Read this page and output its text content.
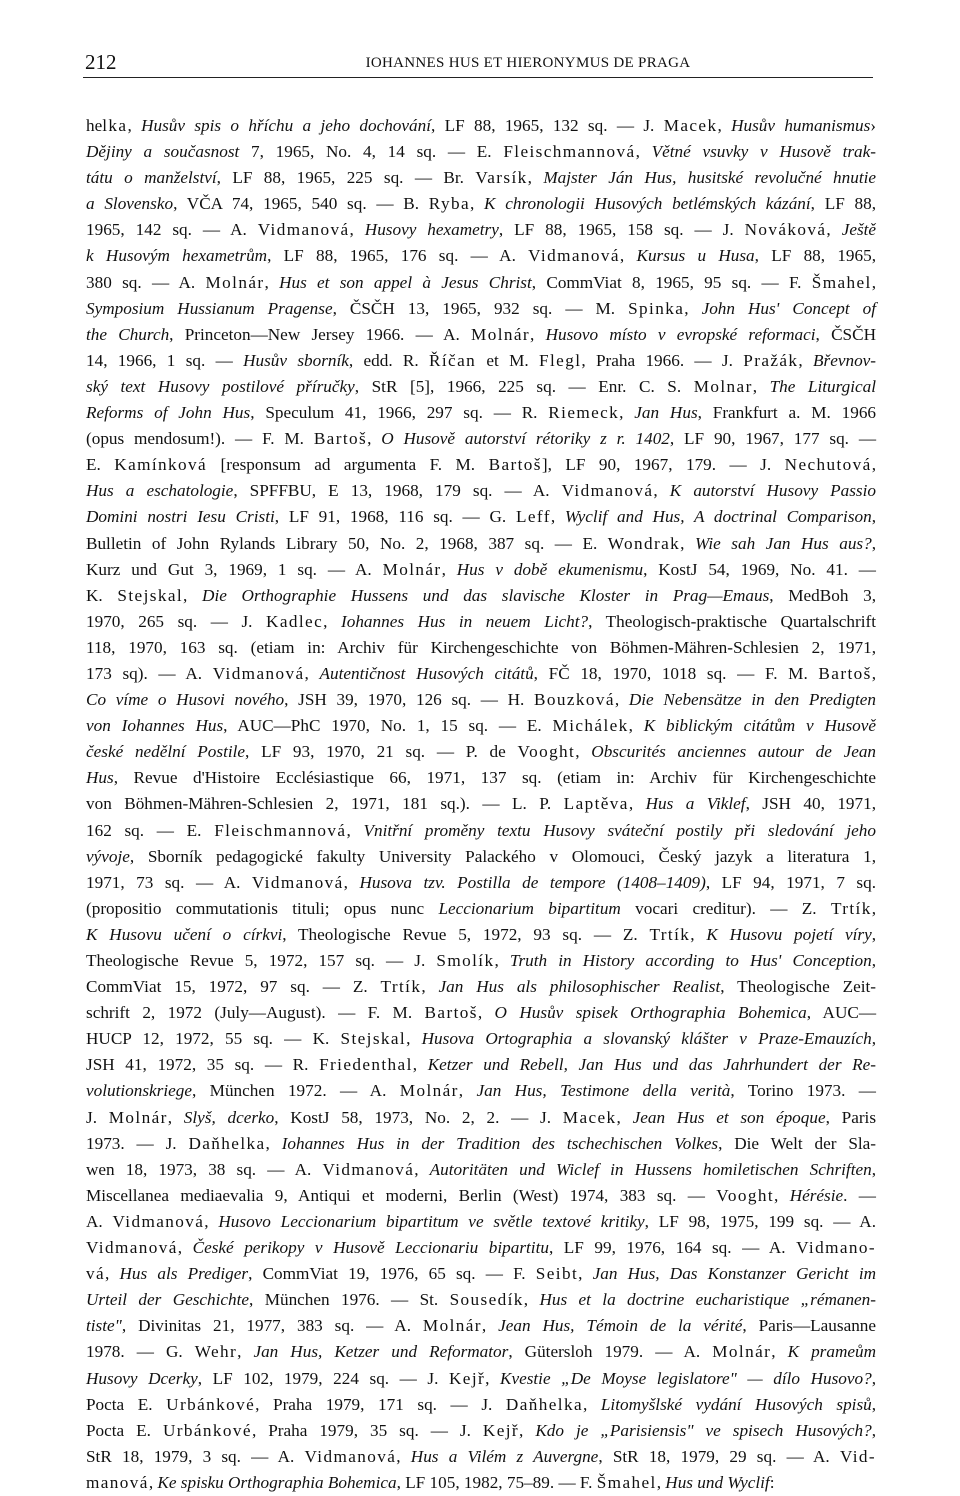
212	IOHANNES HUS ET HIERONYMUS DE PRAGA
helka, Husův spis o hříchu a jeho dochování, LF 88, 1965, 132 sq. — J. Macek, Husův humanismus›
Dějiny a současnost 7, 1965, No. 4, 14 sq. — E. Fleischmannová, Větné vsuvky v Husově trak-
tátu o manželství, LF 88, 1965, 225 sq. — Br. Varsík, Majster Ján Hus, husitské revolučné hnutie
a Slovensko, VČA 74, 1965, 540 sq. — B. Ryba, K chronologii Husových betlémských kázání, LF 88,
1965, 142 sq. — A. Vidmanová, Husovy hexametry, LF 88, 1965, 158 sq. — J. Nováková, Ještě
k Husovým hexametrům, LF 88, 1965, 176 sq. — A. Vidmanová, Kursus u Husa, LF 88, 1965,
380 sq. — A. Molnár, Hus et son appel à Jesus Christ, CommViat 8, 1965, 95 sq. — F. Šmahel,
Symposium Hussianum Pragense, ČSČH 13, 1965, 932 sq. — M. Spinka, John Hus' Concept of
the Church, Princeton—New Jersey 1966. — A. Molnár, Husovo místo v evropské reformaci, ČSČH
14, 1966, 1 sq. — Husův sborník, edd. R. Říčan et M. Flegl, Praha 1966. — J. Pražák, Břevnov-
ský text Husovy postilové příručky, StR [5], 1966, 225 sq. — Enr. C. S. Molnar, The Liturgical
Reforms of John Hus, Speculum 41, 1966, 297 sq. — R. Riemeck, Jan Hus, Frankfurt a. M. 1966
(opus mendosum!). — F. M. Bartoš, O Husově autorství rétoriky z r. 1402, LF 90, 1967, 177 sq. —
E. Kamínková [responsum ad argumenta F. M. Bartoš], LF 90, 1967, 179. — J. Nechutová,
Hus a eschatologie, SPFFBU, E 13, 1968, 179 sq. — A. Vidmanová, K autorství Husovy Passio
Domini nostri Iesu Cristi, LF 91, 1968, 116 sq. — G. Leff, Wyclif and Hus, A doctrinal Comparison,
Bulletin of John Rylands Library 50, No. 2, 1968, 387 sq. — E. Wondrak, Wie sah Jan Hus aus?,
Kurz und Gut 3, 1969, 1 sq. — A. Molnár, Hus v době ekumenismu, KostJ 54, 1969, No. 41. —
K. Stejskal, Die Orthographie Hussens und das slavische Kloster in Prag—Emaus, MedBoh 3,
1970, 265 sq. — J. Kadlec, Iohannes Hus in neuem Licht?, Theologisch-praktische Quartalschrift
118, 1970, 163 sq. (etiam in: Archiv für Kirchengeschichte von Böhmen-Mähren-Schlesien 2, 1971,
173 sq). — A. Vidmanová, Autentičnost Husových citátů, FČ 18, 1970, 1018 sq. — F. M. Bartoš,
Co víme o Husovi nového, JSH 39, 1970, 126 sq. — H. Bouzková, Die Nebensätze in den Predigten
von Iohannes Hus, AUC—PhC 1970, No. 1, 15 sq. — E. Michálek, K biblickým citátům v Husově
české nedělní Postile, LF 93, 1970, 21 sq. — P. de Vooght, Obscurités anciennes autour de Jean
Hus, Revue d'Histoire Ecclésiastique 66, 1971, 137 sq. (etiam in: Archiv für Kirchengeschichte
von Böhmen-Mähren-Schlesien 2, 1971, 181 sq.). — L. P. Laptěva, Hus a Viklef, JSH 40, 1971,
162 sq. — E. Fleischmannová, Vnitřní proměny textu Husovy sváteční postily při sledování jeho
vývoje, Sborník pedagogické fakulty University Palackého v Olomouci, Český jazyk a literatura 1,
1971, 73 sq. — A. Vidmanová, Husova tzv. Postilla de tempore (1408–1409), LF 94, 1971, 7 sq.
(propositio commutationis tituli; opus nunc Leccionarium bipartitum vocari creditur). — Z. Trtík,
K Husovu učení o církvi, Theologische Revue 5, 1972, 93 sq. — Z. Trtík, K Husovu pojetí víry,
Theologische Revue 5, 1972, 157 sq. — J. Smolík, Truth in History according to Hus' Conception,
CommViat 15, 1972, 97 sq. — Z. Trtík, Jan Hus als philosophischer Realist, Theologische Zeit-
schrift 2, 1972 (July—August). — F. M. Bartoš, O Husův spisek Orthographia Bohemica, AUC—
HUCP 12, 1972, 55 sq. — K. Stejskal, Husova Ortographia a slovanský klášter v Praze-Emauzích,
JSH 41, 1972, 35 sq. — R. Friedenthal, Ketzer und Rebell, Jan Hus und das Jahrhundert der Re-
volutionskriege, München 1972. — A. Molnár, Jan Hus, Testimone della verità, Torino 1973. —
J. Molnár, Slyš, dcerko, KostJ 58, 1973, No. 2, 2. — J. Macek, Jean Hus et son époque, Paris
1973. — J. Daňhelka, Iohannes Hus in der Tradition des tschechischen Volkes, Die Welt der Sla-
wen 18, 1973, 38 sq. — A. Vidmanová, Autoritäten und Wiclef in Hussens homiletischen Schriften,
Miscellanea mediaevalia 9, Antiqui et moderni, Berlin (West) 1974, 383 sq. — Vooght, Hérésie. —
A. Vidmanová, Husovo Leccionarium bipartitum ve světle textové kritiky, LF 98, 1975, 199 sq. — A.
Vidmanová, České perikopy v Husově Leccionariu bipartitu, LF 99, 1976, 164 sq. — A. Vidmano-
vá, Hus als Prediger, CommViat 19, 1976, 65 sq. — F. Seibt, Jan Hus, Das Konstanzer Gericht im
Urteil der Geschichte, München 1976. — St. Sousedík, Hus et la doctrine eucharistique „rémanen-
tiste", Divinitas 21, 1977, 383 sq. — A. Molnár, Jean Hus, Témoin de la vérité, Paris—Lausanne
1978. — G. Wehr, Jan Hus, Ketzer und Reformator, Gütersloh 1979. — A. Molnár, K prameům
Husovy Dcerky, LF 102, 1979, 224 sq. — J. Kejř, Kvestie „De Moyse legislatore" — dílo Husovo?,
Pocta E. Urbánkové, Praha 1979, 171 sq. — J. Daňhelka, Litomyšlské vydání Husových spisů,
Pocta E. Urbánkové, Praha 1979, 35 sq. — J. Kejř, Kdo je „Parisiensis" ve spisech Husových?,
StR 18, 1979, 3 sq. — A. Vidmanová, Hus a Vilém z Auvergne, StR 18, 1979, 29 sq. — A. Vid-
manová, Ke spisku Orthographia Bohemica, LF 105, 1982, 75–89. — F. Šmahel, Hus und Wyclif:
